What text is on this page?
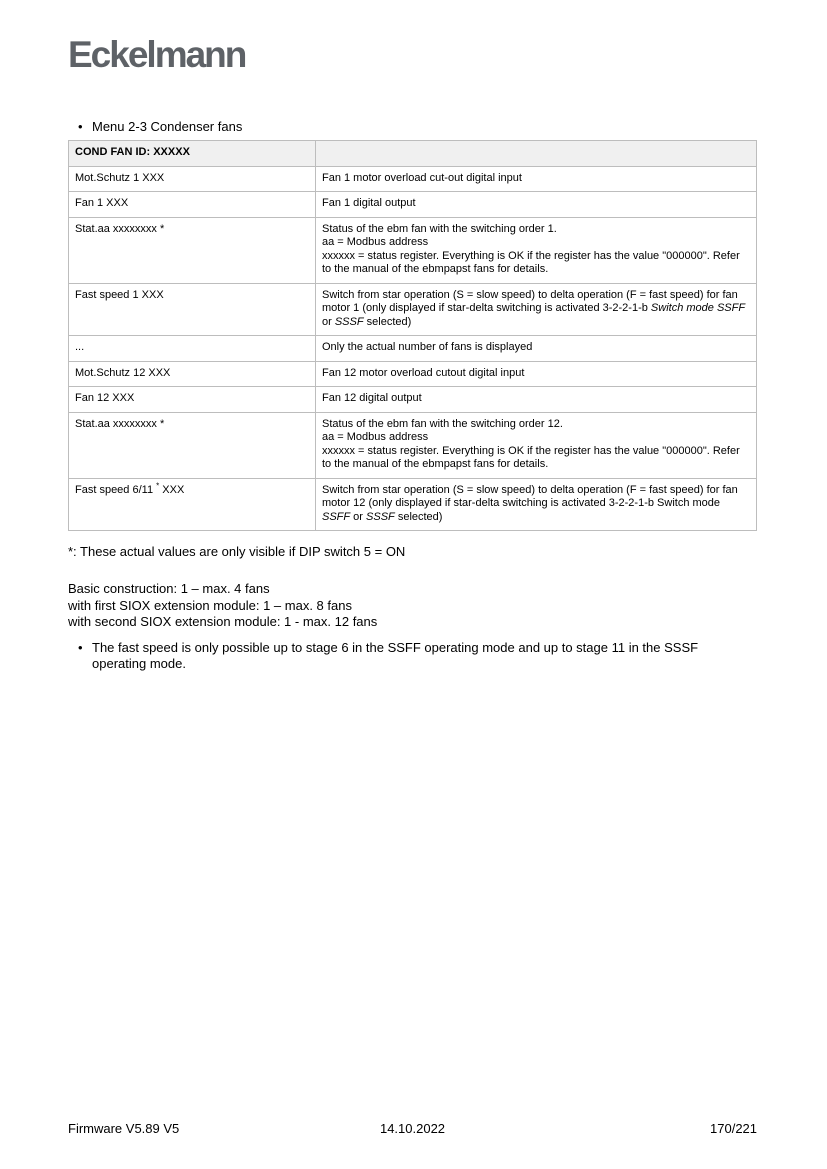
Eckelmann
• Menu 2-3 Condenser fans
COND FAN ID: XXXXX	
Mot.Schutz 1 XXX	Fan 1 motor overload cut-out digital input

Fan 1 XXX	Fan 1 digital output

Stat.aa xxxxxxxx *	Status of the ebm fan with the switching order 1.
aa = Modbus address
xxxxxx = status register. Everything is OK if the register has the value "000000". Refer to the manual of the ebmpapst fans for details.

Fast speed 1 XXX	Switch from star operation (S = slow speed) to delta operation (F = fast speed) for fan motor 1 (only displayed if star-delta switching is activated 3-2-2-1-b Switch mode SSFF or SSSF selected)

...	Only the actual number of fans is displayed

Mot.Schutz 12 XXX	Fan 12 motor overload cutout digital input

Fan 12 XXX	Fan 12 digital output

Stat.aa xxxxxxxx *	Status of the ebm fan with the switching order 12.
aa = Modbus address
xxxxxx = status register. Everything is OK if the register has the value "000000". Refer to the manual of the ebmpapst fans for details.

Fast speed 6/11 * XXX	Switch from star operation (S = slow speed) to delta operation (F = fast speed) for fan motor 12 (only displayed if star-delta switching is activated 3-2-2-1-b Switch mode SSFF or SSSF selected)

*: These actual values are only visible if DIP switch 5 = ON

Basic construction: 1 – max. 4 fans
with first SIOX extension module: 1 – max. 8 fans
with second SIOX extension module: 1 - max. 12 fans

• The fast speed is only possible up to stage 6 in the SSFF operating mode and up to stage 11 in the SSSF operating mode.
Firmware V5.89 V5	14.10.2022	170/221
